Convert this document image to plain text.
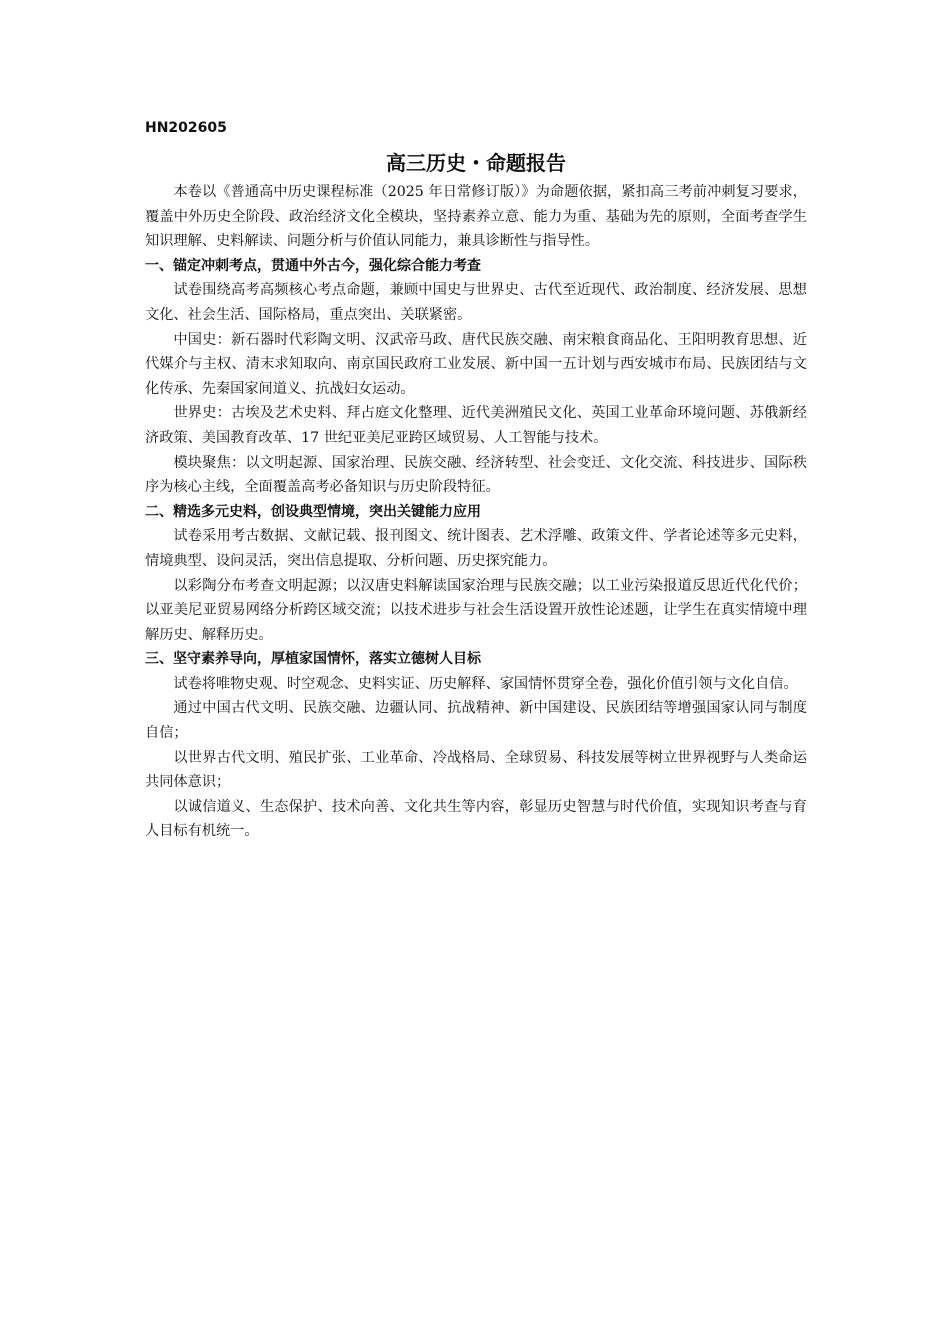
HN202605
高三历史・命题报告

本卷以《普通高中历史课程标准（2025 年日常修订版）》为命题依据，紧扣高三考前冲刺复习要求，覆盖中外历史全阶段、政治经济文化全模块，坚持素养立意、能力为重、基础为先的原则，全面考查学生知识理解、史料解读、问题分析与价值认同能力，兼具诊断性与指导性。

一、锚定冲刺考点，贯通中外古今，强化综合能力考查

试卷围绕高考高频核心考点命题，兼顾中国史与世界史、古代至近现代、政治制度、经济发展、思想文化、社会生活、国际格局，重点突出、关联紧密。

中国史：新石器时代彩陶文明、汉武帝马政、唐代民族交融、南宋粮食商品化、王阳明教育思想、近代媒介与主权、清末求知取向、南京国民政府工业发展、新中国一五计划与西安城市布局、民族团结与文化传承、先秦国家间道义、抗战妇女运动。

世界史：古埃及艺术史料、拜占庭文化整理、近代美洲殖民文化、英国工业革命环境问题、苏俄新经济政策、美国教育改革、17 世纪亚美尼亚跨区域贸易、人工智能与技术。

模块聚焦：以文明起源、国家治理、民族交融、经济转型、社会变迁、文化交流、科技进步、国际秩序为核心主线，全面覆盖高考必备知识与历史阶段特征。

二、精选多元史料，创设典型情境，突出关键能力应用

试卷采用考古数据、文献记载、报刊图文、统计图表、艺术浮雕、政策文件、学者论述等多元史料，情境典型、设问灵活，突出信息提取、分析问题、历史探究能力。

以彩陶分布考查文明起源；以汉唐史料解读国家治理与民族交融；以工业污染报道反思近代化代价；以亚美尼亚贸易网络分析跨区域交流；以技术进步与社会生活设置开放性论述题，让学生在真实情境中理解历史、解释历史。

三、坚守素养导向，厚植家国情怀，落实立德树人目标

试卷将唯物史观、时空观念、史料实证、历史解释、家国情怀贯穿全卷，强化价值引领与文化自信。

通过中国古代文明、民族交融、边疆认同、抗战精神、新中国建设、民族团结等增强国家认同与制度自信；

以世界古代文明、殖民扩张、工业革命、冷战格局、全球贸易、科技发展等树立世界视野与人类命运共同体意识；

以诚信道义、生态保护、技术向善、文化共生等内容，彰显历史智慧与时代价值，实现知识考查与育人目标有机统一。
